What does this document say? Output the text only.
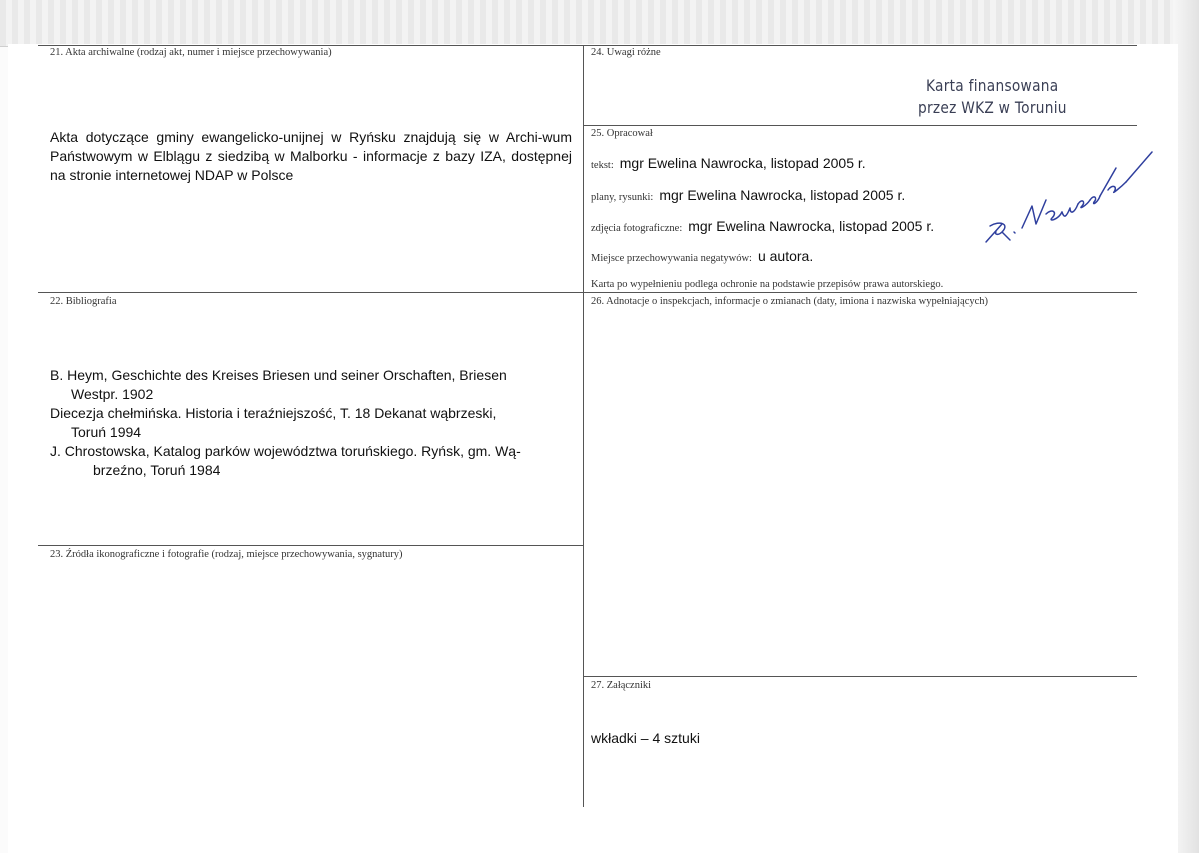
21. Akta archiwalne (rodzaj akt, numer i miejsce przechowywania)
Akta dotyczące gminy ewangelicko-unijnej w Ryńsku znajdują się w Archi-wum Państwowym w Elblągu z siedzibą w Malborku - informacje z bazy IZA, dostępnej na stronie internetowej NDAP w Polsce
22. Bibliografia
B. Heym, Geschichte des Kreises Briesen und seiner Orschaften, Briesen
Westpr. 1902
Diecezja chełmińska. Historia i teraźniejszość, T. 18 Dekanat wąbrzeski,
Toruń 1994
J. Chrostowska, Katalog parków województwa toruńskiego. Ryńsk, gm. Wą-
brzeźno, Toruń 1984
23. Źródła ikonograficzne i fotografie (rodzaj, miejsce przechowywania, sygnatury)
24. Uwagi różne
Karta finansowana
przez WKZ w Toruniu
25. Opracował
tekst: mgr Ewelina Nawrocka, listopad 2005 r.
plany, rysunki: mgr Ewelina Nawrocka, listopad 2005 r.
zdjęcia fotograficzne: mgr Ewelina Nawrocka, listopad 2005 r.
Miejsce przechowywania negatywów: u autora.
Karta po wypełnieniu podlega ochronie na podstawie przepisów prawa autorskiego.
26. Adnotacje o inspekcjach, informacje o zmianach (daty, imiona i nazwiska wypełniających)
27. Załączniki
wkładki – 4 sztuki
